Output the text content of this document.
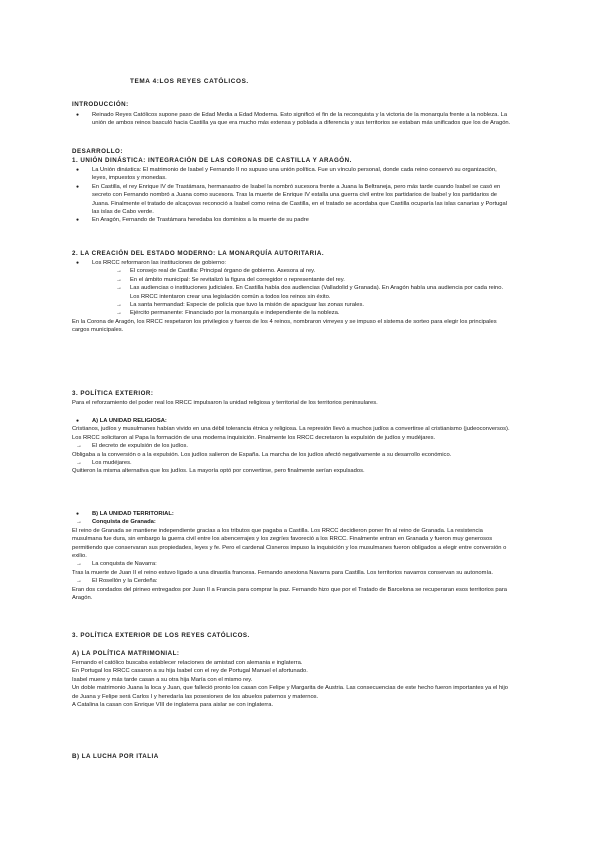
TEMA 4:LOS REYES CATÓLICOS.
INTRODUCCIÓN:

● Reinado Reyes Católicos supone paso de Edad Media a Edad Moderna. Esto significó el fin de la reconquista y la victoria de la monarquía frente a la nobleza. La unión de ambos reinos basculó hacia Castilla ya que era mucho más extensa y poblada a diferencia y sus territorios se estaban más unificados que los de Aragón.

DESARROLLO:
1. UNIÓN DINÁSTICA: INTEGRACIÓN DE LAS CORONAS DE CASTILLA Y ARAGÓN.

● La Unión dinástica: El matrimonio de Isabel y Fernando II no supuso una unión política. Fue un vínculo personal, donde cada reino conservó su organización, leyes, impuestos y monedas.

● En Castilla, el rey Enrique IV de Trastámara, hermanastro de Isabel la nombró sucesora frente a Juana la Beltraneja, pero más tarde cuando Isabel se casó en secreto con Fernando nombró a Juana como sucesora. Tras la muerte de Enrique IV estalla una guerra civil entre los partidarios de Isabel y los partidarios de Juana. Finalmente el tratado de alcaçovas reconoció a Isabel como reina de Castilla, en el tratado se acordaba que Castilla ocuparía las islas canarias y Portugal las islas de Cabo verde.

● En Aragón, Fernando de Trastámara heredaba los dominios a la muerte de su padre

2. LA CREACIÓN DEL ESTADO MODERNO: LA MONARQUÍA AUTORITARIA.

● Los RRCC reformaron las instituciones de gobierno:

→ El consejo real de Castilla: Principal órgano de gobierno. Asesora al rey.

→ En el ámbito municipal: Se revitalizó la figura del corregidor o representante del rey.

→ Las audiencias o instituciones judiciales. En Castilla había dos audiencias (Valladolid y Granada). En Aragón había una audiencia por cada reino. Los RRCC intentaron crear una legislación común a todos los reinos sin éxito.

→ La santa hermandad: Especie de policía que tuvo la misión de apaciguar las zonas rurales.

→ Ejército permanente: Financiado por la monarquía e independiente de la nobleza.

En la Corona de Aragón, los RRCC respetaron los privilegios y fueros de los 4 reinos, nombraron virreyes y se impuso el sistema de sorteo para elegir los principales cargos municipales.

3. POLÍTICA EXTERIOR:

Para el reforzamiento del poder real los RRCC impulsaron la unidad religiosa y territorial de los territorios peninsulares.

● A) LA UNIDAD RELIGIOSA:

Cristianos, judíos y musulmanes habían vivido en una débil tolerancia étnica y religiosa. La represión llevó a muchos judíos a convertirse al cristianismo (judeoconversos). Los RRCC solicitaron al Papa la formación de una moderna inquisición. Finalmente los RRCC decretaron la expulsión de judíos y mudéjares.

→ El decreto de expulsión de los judíos.

Obligaba a la conversión o a la expulsión. Los judíos salieron de España. La marcha de los judíos afectó negativamente a su desarrollo económico.

→ Los mudéjares.

Quitieron la misma alternativa que los judíos. La mayoría optó por convertirse, pero finalmente serían expulsados.

● B) LA UNIDAD TERRITORIAL:

→ Conquista de Granada:

El reino de Granada se mantiene independiente gracias a los tributos que pagaba a Castilla. Los RRCC decidieron poner fin al reino de Granada. La resistencia musulmana fue dura, sin embargo la guerra civil entre los abencerrajes y los zegríes favoreció a los RRCC. Finalmente entran en Granada y fueron muy generosos permitiendo que conservaran sus propiedades, leyes y fe. Pero el cardenal Cisneros impuso la inquisición y los musulmanes fueron obligados a elegir entre conversión o exilio.

→ La conquista de Navarra:

Tras la muerte de Juan II el reino estuvo ligado a una dinastía francesa. Fernando anexiona Navarra para Castilla. Los territorios navarros conservan su autonomía.

→ El Rosellón y la Cerdeña:

Eran dos condados del pirineo entregados por Juan II a Francia para comprar la paz. Fernando hizo que por el Tratado de Barcelona se recuperaran esos territorios para Aragón.

3. POLÍTICA EXTERIOR DE LOS REYES CATÓLICOS.
A) LA POLÍTICA MATRIMONIAL:

Fernando el católico buscaba establecer relaciones de amistad con alemania e inglaterra.

En Portugal los RRCC casaron a su hija Isabel con el rey de Portugal Manuel el afortunado.

Isabel muere y más tarde casan a su otra hija María con el mismo rey.

Un doble matrimonio Juana la loca y Juan, que falleció pronto los casan con Felipe y Margarita de Austria. Las consecuencias de este hecho fueron importantes ya el hijo de Juana y Felipe será Carlos I y heredaría las posesiones de los abuelos paternos y maternos.

A Catalina la casan con Enrique VIII de inglaterra para aislar se con inglaterra.

B) LA LUCHA POR ITALIA
